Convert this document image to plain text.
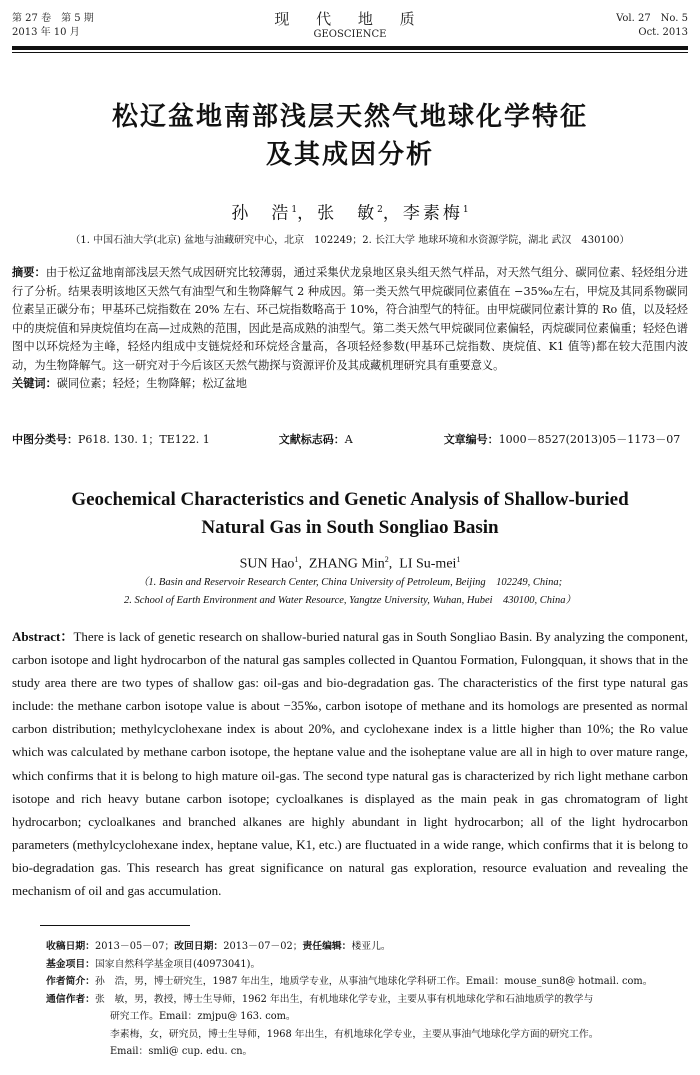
第 27 卷　第 5 期
2013 年 10 月
现 代 地 质
GEOSCIENCE
Vol. 27　No. 5
Oct. 2013
松辽盆地南部浅层天然气地球化学特征
及其成因分析
孙　浩$^1$，张　敏$^2$，李素梅$^1$
（1. 中国石油大学(北京) 盆地与油藏研究中心，北京　102249；2. 长江大学 地球环境和水资源学院，湖北 武汉　430100）
摘要：由于松辽盆地南部浅层天然气成因研究比较薄弱，通过采集伏龙泉地区泉头组天然气样品，对天然气组分、碳同位素、轻烃组分进行了分析。结果表明该地区天然气有油型气和生物降解气 2 种成因。第一类天然气甲烷碳同位素值在 −35‰左右，甲烷及其同系物碳同位素呈正碳分布；甲基环己烷指数在 20% 左右、环己烷指数略高于 10%，符合油型气的特征。由甲烷碳同位素计算的 Ro 值，以及轻烃中的庚烷值和异庚烷值均在高—过成熟的范围，因此是高成熟的油型气。第二类天然气甲烷碳同位素偏轻，丙烷碳同位素偏重；轻烃色谱图中以环烷烃为主峰，轻烃内组成中支链烷烃和环烷烃含量高，各项轻烃参数(甲基环己烷指数、庚烷值、K1 值等)都在较大范围内波动，为生物降解气。这一研究对于今后该区天然气勘探与资源评价及其成藏机理研究具有重要意义。
关键词：碳同位素；轻烃；生物降解；松辽盆地
中图分类号：P618. 130. 1；TE122. 1	文献标志码：A	文章编号：1000－8527(2013)05－1173－07
Geochemical Characteristics and Genetic Analysis of Shallow-buried
Natural Gas in South Songliao Basin
SUN Hao$^1$,  ZHANG Min$^2$,  LI Su-mei$^1$
（1. Basin and Reservoir Research Center, China University of Petroleum, Beijing　102249, China;
2. School of Earth Environment and Water Resource, Yangtze University, Wuhan, Hubei　430100, China）
Abstract：There is lack of genetic research on shallow-buried natural gas in South Songliao Basin. By analyzing the component, carbon isotope and light hydrocarbon of the natural gas samples collected in Quantou Formation, Fulongquan, it shows that in the study area there are two types of shallow gas: oil-gas and bio-degradation gas. The characteristics of the first type natural gas include: the methane carbon isotope value is about −35‰, carbon isotope of methane and its homologs are presented as normal carbon distribution; methylcyclohexane index is about 20%, and cyclohexane index is a little higher than 10%; the Ro value which was calculated by methane carbon isotope, the heptane value and the isoheptane value are all in high to over mature range, which confirms that it is belong to high mature oil-gas. The second type natural gas is characterized by rich light methane carbon isotope and rich heavy butane carbon isotope; cycloalkanes is displayed as the main peak in gas chromatogram of light hydrocarbon; cycloalkanes and branched alkanes are highly abundant in light hydrocarbon; all of the light hydrocarbon parameters (methylcyclohexane index, heptane value, K1, etc.) are fluctuated in a wide range, which confirms that it is belong to bio-degradation gas. This research has great significance on natural gas exploration, resource evaluation and revealing the mechanism of oil and gas accumulation.
收稿日期：2013－05－07；改回日期：2013－07－02；责任编辑：楼亚儿。
基金项目：国家自然科学基金项目(40973041)。
作者简介：孙　浩，男，博士研究生，1987 年出生，地质学专业，从事油气地球化学科研工作。Email：mouse_sun8@ hotmail. com。
通信作者：张　敏，男，教授，博士生导师，1962 年出生，有机地球化学专业，主要从事有机地球化学和石油地质学的教学与
研究工作。Email：zmjpu@ 163. com。
李素梅，女，研究员，博士生导师，1968 年出生，有机地球化学专业，主要从事油气地球化学方面的研究工作。
Email：smli@ cup. edu. cn。
